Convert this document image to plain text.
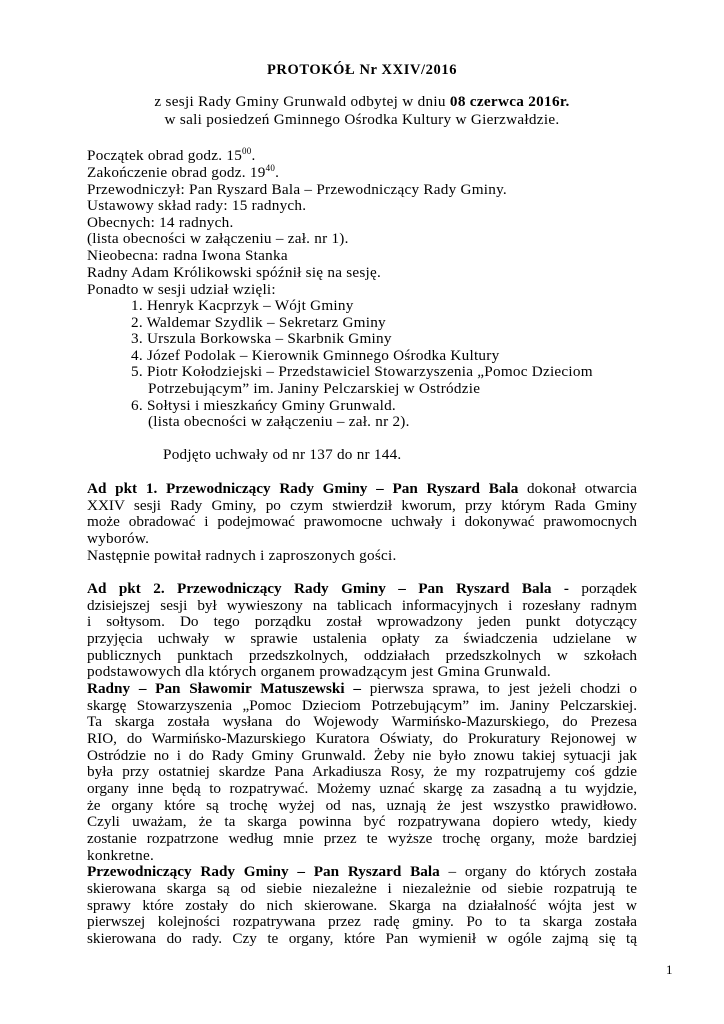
PROTOKÓŁ Nr XXIV/2016
z sesji Rady Gminy Grunwald odbytej w dniu 08 czerwca 2016r.
w sali posiedzeń Gminnego Ośrodka Kultury w Gierzwałdzie.
Początek obrad godz. $15^{00}$.
Zakończenie obrad godz. $19^{40}$.
Przewodniczył: Pan Ryszard Bala – Przewodniczący Rady Gminy.
Ustawowy skład rady: 15 radnych.
Obecnych: 14 radnych.
(lista obecności w załączeniu – zał. nr 1).
Nieobecna: radna Iwona Stanka
Radny Adam Królikowski spóźnił się na sesję.
Ponadto w sesji udział wzięli:
1. Henryk Kacprzyk – Wójt Gminy
2. Waldemar Szydlik – Sekretarz Gminy
3. Urszula Borkowska – Skarbnik Gminy
4. Józef Podolak – Kierownik Gminnego Ośrodka Kultury
5. Piotr Kołodziejski – Przedstawiciel Stowarzyszenia „Pomoc Dzieciom
Potrzebującym” im. Janiny Pelczarskiej w Ostródzie
6. Sołtysi i mieszkańcy Gminy Grunwald.
(lista obecności w załączeniu – zał. nr 2).
Podjęto uchwały od nr 137 do nr 144.
Ad pkt 1. Przewodniczący Rady Gminy – Pan Ryszard Bala dokonał otwarcia
XXIV sesji Rady Gminy, po czym stwierdził kworum, przy którym Rada Gminy
może obradować i podejmować prawomocne uchwały i dokonywać prawomocnych
wyborów.
Następnie powitał radnych i zaproszonych gości.
Ad pkt 2. Przewodniczący Rady Gminy – Pan Ryszard Bala - porządek
dzisiejszej sesji był wywieszony na tablicach informacyjnych i rozesłany radnym
i sołtysom. Do tego porządku został wprowadzony jeden punkt dotyczący
przyjęcia uchwały w sprawie ustalenia opłaty za świadczenia udzielane w
publicznych punktach przedszkolnych, oddziałach przedszkolnych w szkołach
podstawowych dla których organem prowadzącym jest Gmina Grunwald.
Radny – Pan Sławomir Matuszewski – pierwsza sprawa, to jest jeżeli chodzi o
skargę Stowarzyszenia „Pomoc Dzieciom Potrzebującym” im. Janiny Pelczarskiej.
Ta skarga została wysłana do Wojewody Warmińsko-Mazurskiego, do Prezesa
RIO, do Warmińsko-Mazurskiego Kuratora Oświaty, do Prokuratury Rejonowej w
Ostródzie no i do Rady Gminy Grunwald. Żeby nie było znowu takiej sytuacji jak
była przy ostatniej skardze Pana Arkadiusza Rosy, że my rozpatrujemy coś gdzie
organy inne będą to rozpatrywać. Możemy uznać skargę za zasadną a tu wyjdzie,
że organy które są trochę wyżej od nas, uznają że jest wszystko prawidłowo.
Czyli uważam, że ta skarga powinna być rozpatrywana dopiero wtedy, kiedy
zostanie rozpatrzone według mnie przez te wyższe trochę organy, może bardziej
konkretne.
Przewodniczący Rady Gminy – Pan Ryszard Bala – organy do których została
skierowana skarga są od siebie niezależne i niezależnie od siebie rozpatrują te
sprawy które zostały do nich skierowane. Skarga na działalność wójta jest w
pierwszej kolejności rozpatrywana przez radę gminy. Po to ta skarga została
skierowana do rady. Czy te organy, które Pan wymienił w ogóle zajmą się tą
1
